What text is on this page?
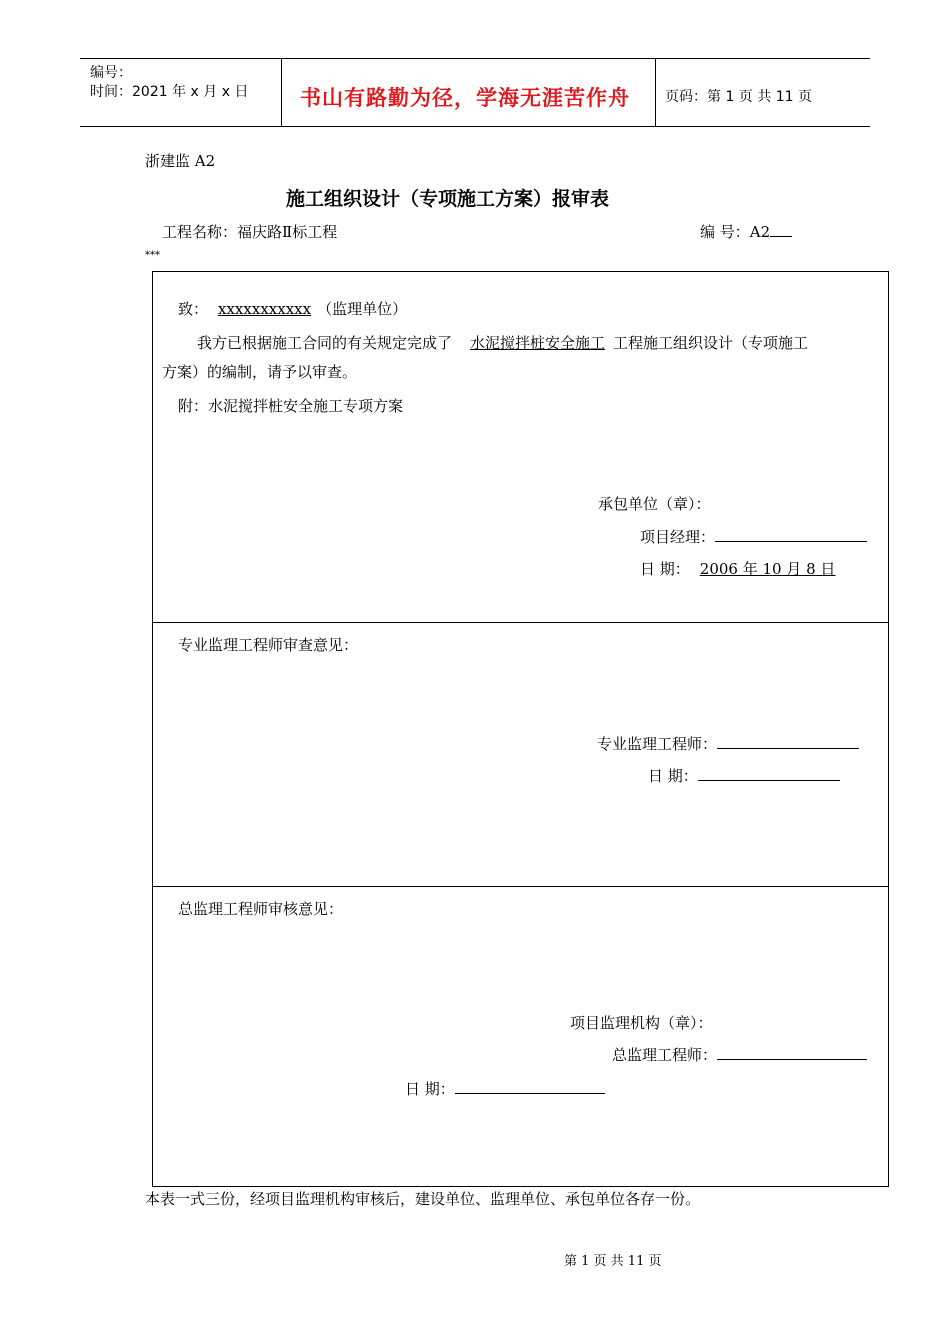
编号：
时间：2021 年 x 月 x 日 书山有路勤为径，学海无涯苦作舟	页码：第 1 页 共 11 页
浙建监 A2
施工组织设计（专项施工方案）报审表
工程名称：福庆路Ⅱ标工程	编 号：A2
***
致： xxxxxxxxxxx （监理单位）
我方已根据施工合同的有关规定完成了 水泥搅拌桩安全施工 工程施工组织设计（专项施工
方案）的编制，请予以审查。
附：水泥搅拌桩安全施工专项方案
承包单位（章）：
项目经理：
日 期： 2006 年 10 月 8 日
专业监理工程师审查意见：
专业监理工程师：
日 期：
总监理工程师审核意见：
项目监理机构（章）：
总监理工程师：
日 期：
本表一式三份，经项目监理机构审核后，建设单位、监理单位、承包单位各存一份。
第 1 页 共 11 页
